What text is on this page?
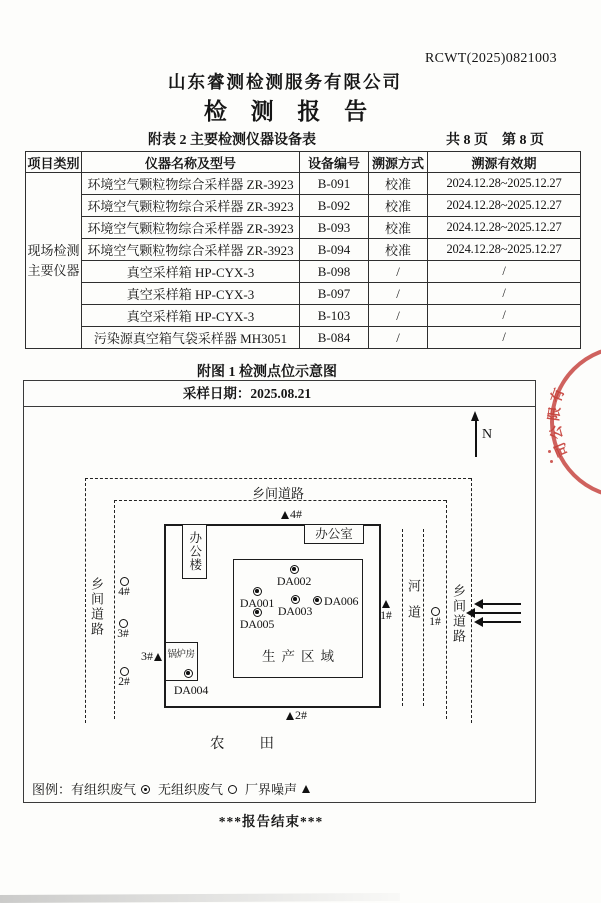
RCWT(2025)0821003
山东睿测检测服务有限公司
检 测 报 告
附表 2 主要检测仪器设备表	共 8 页　第 8 页
项目类别	仪器名称及型号	设备编号	溯源方式	溯源有效期

现场检测
主要仪器	环境空气颗粒物综合采样器 ZR-3923	B-091	校准	2024.12.28~2025.12.27
	环境空气颗粒物综合采样器 ZR-3923	B-092	校准	2024.12.28~2025.12.27
	环境空气颗粒物综合采样器 ZR-3923	B-093	校准	2024.12.28~2025.12.27
	环境空气颗粒物综合采样器 ZR-3923	B-094	校准	2024.12.28~2025.12.27
	真空采样箱 HP-CYX-3	B-098	/	/
	真空采样箱 HP-CYX-3	B-097	/	/
	真空采样箱 HP-CYX-3	B-103	/	/
	污染源真空箱气袋采样器 MH3051	B-084	/	/
附图 1 检测点位示意图
采样日期：2025.08.21
N
乡间道路
乡间道路	乡间道路
河道
办公楼	办公室
生产区域
DA002
DA001
DA003
DA006
DA005
锅炉房
DA004
4#
3#
2#
1#
4#
3#
2#
1#
农　　田
图例： 有组织废气 无组织废气 厂界噪声
***报告结束***
有
限
公
司
